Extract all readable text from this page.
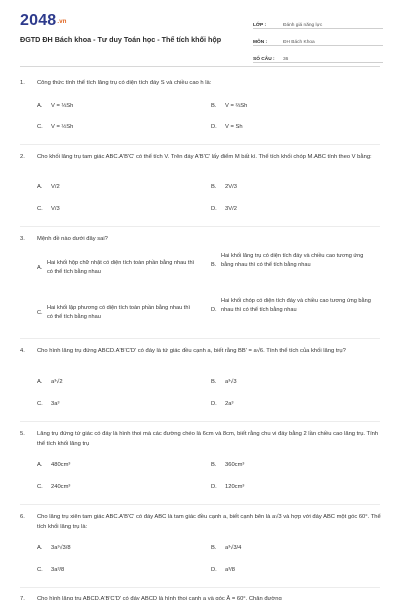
2048.vn
ĐGTD ĐH Bách khoa - Tư duy Toán học - Thể tích khối hộp
LỚP :	Đánh giá năng lực
MÔN :	ĐH Bách Khoa
SỐ CÂU :	36
1. Công thức tính thể tích lăng trụ có diện tích đáy S và chiều cao h là:
A. V = ⅓Sh	B. V = ⅔Sh
C. V = ½Sh	D. V = Sh
2. Cho khối lăng trụ tam giác ABC.A'B'C' có thể tích V. Trên đáy A'B'C' lấy điểm M bất kì. Thể tích khối chóp M.ABC tính theo V bằng:
A. V/2	B. 2V/3
C. V/3	D. 3V/2
3. Mệnh đề nào dưới đây sai?
A.
Hai khối hộp chữ nhật có diện tích toàn phần bằng nhau thì có thể tích bằng nhau
B.
Hai khối lăng trụ có diện tích đáy và chiều cao tương ứng bằng nhau thì có thể tích bằng nhau
C.
Hai khối lập phương có diện tích toàn phần bằng nhau thì có thể tích bằng nhau
D.
Hai khối chóp có diện tích đáy và chiều cao tương ứng bằng nhau thì có thể tích bằng nhau
4. Cho hình lăng trụ đứng ABCD.A'B'C'D' có đáy là tứ giác đều cạnh a, biết rằng BB' = a√6. Tính thể tích của khối lăng trụ?
A. a³√2	B. a³√3
C. 3a³	D. 2a³
5. Lăng trụ đứng tứ giác có đáy là hình thoi mà các đường chéo là 6cm và 8cm, biết rằng chu vi đáy bằng 2 lần chiều cao lăng trụ. Tính thể tích khối lăng trụ
A. 480cm³	B. 360cm³
C. 240cm³	D. 120cm³
6. Cho lăng trụ xiên tam giác ABC.A'B'C' có đáy ABC là tam giác đều cạnh a, biết cạnh bên là a√3 và hợp với đáy ABC một góc 60°. Thể tích khối lăng trụ là:
A. 3a³√3/8	B. a³√3/4
C. 3a³/8	D. a³/8
7. Cho hình lăng trụ ABCD.A'B'C'D' có đáy ABCD là hình thoi cạnh a và góc Â = 60°. Chân đường
